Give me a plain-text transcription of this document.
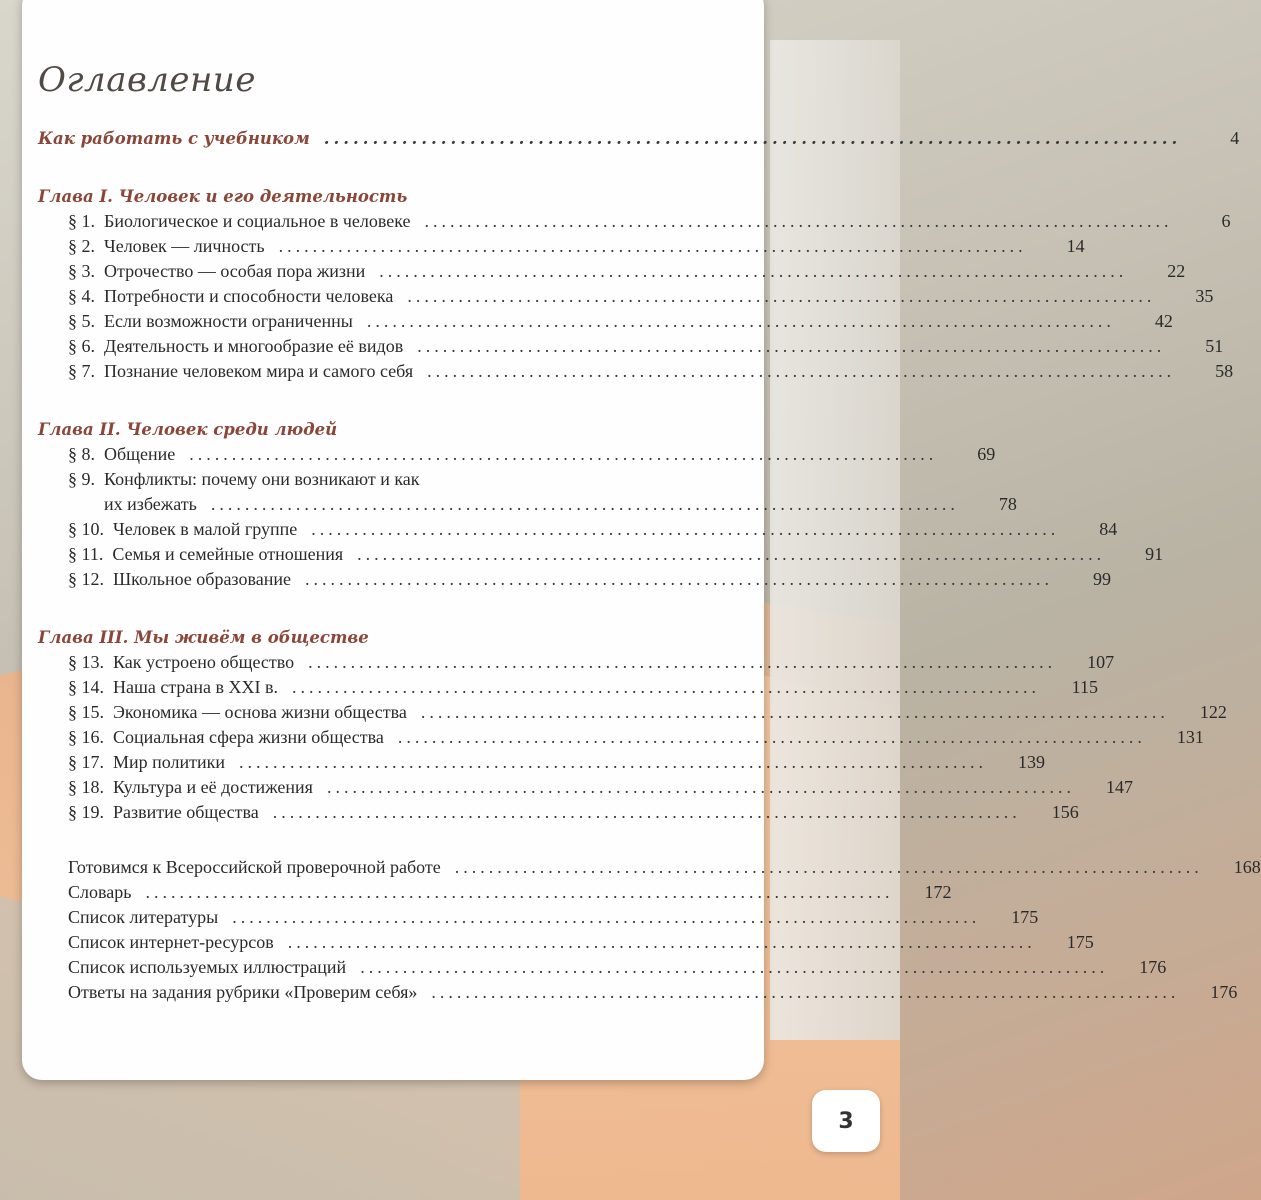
Оглавление
Как работать с учебником ........................................................................................	4
Глава I. Человек и его деятельность
§ 1. Биологическое и социальное в человеке ........................................................................................	6
§ 2. Человек — личность ........................................................................................	14
§ 3. Отрочество — особая пора жизни ........................................................................................	22
§ 4. Потребности и способности человека ........................................................................................	35
§ 5. Если возможности ограниченны ........................................................................................	42
§ 6. Деятельность и многообразие её видов ........................................................................................	51
§ 7. Познание человеком мира и самого себя ........................................................................................	58
Глава II. Человек среди людей
§ 8. Общение ........................................................................................	69
§ 9. Конфликты: почему они возникают и как
их избежать ........................................................................................	78
§ 10. Человек в малой группе ........................................................................................	84
§ 11. Семья и семейные отношения ........................................................................................	91
§ 12. Школьное образование ........................................................................................	99
Глава III. Мы живём в обществе
§ 13. Как устроено общество ........................................................................................	107
§ 14. Наша страна в XXI в. ........................................................................................	115
§ 15. Экономика — основа жизни общества ........................................................................................	122
§ 16. Социальная сфера жизни общества ........................................................................................	131
§ 17. Мир политики ........................................................................................	139
§ 18. Культура и её достижения ........................................................................................	147
§ 19. Развитие общества ........................................................................................	156
Готовимся к Всероссийской проверочной работе ........................................................................................	168
Словарь ........................................................................................	172
Список литературы ........................................................................................	175
Список интернет-ресурсов ........................................................................................	175
Список используемых иллюстраций ........................................................................................	176
Ответы на задания рубрики «Проверим себя» ........................................................................................	176
3
